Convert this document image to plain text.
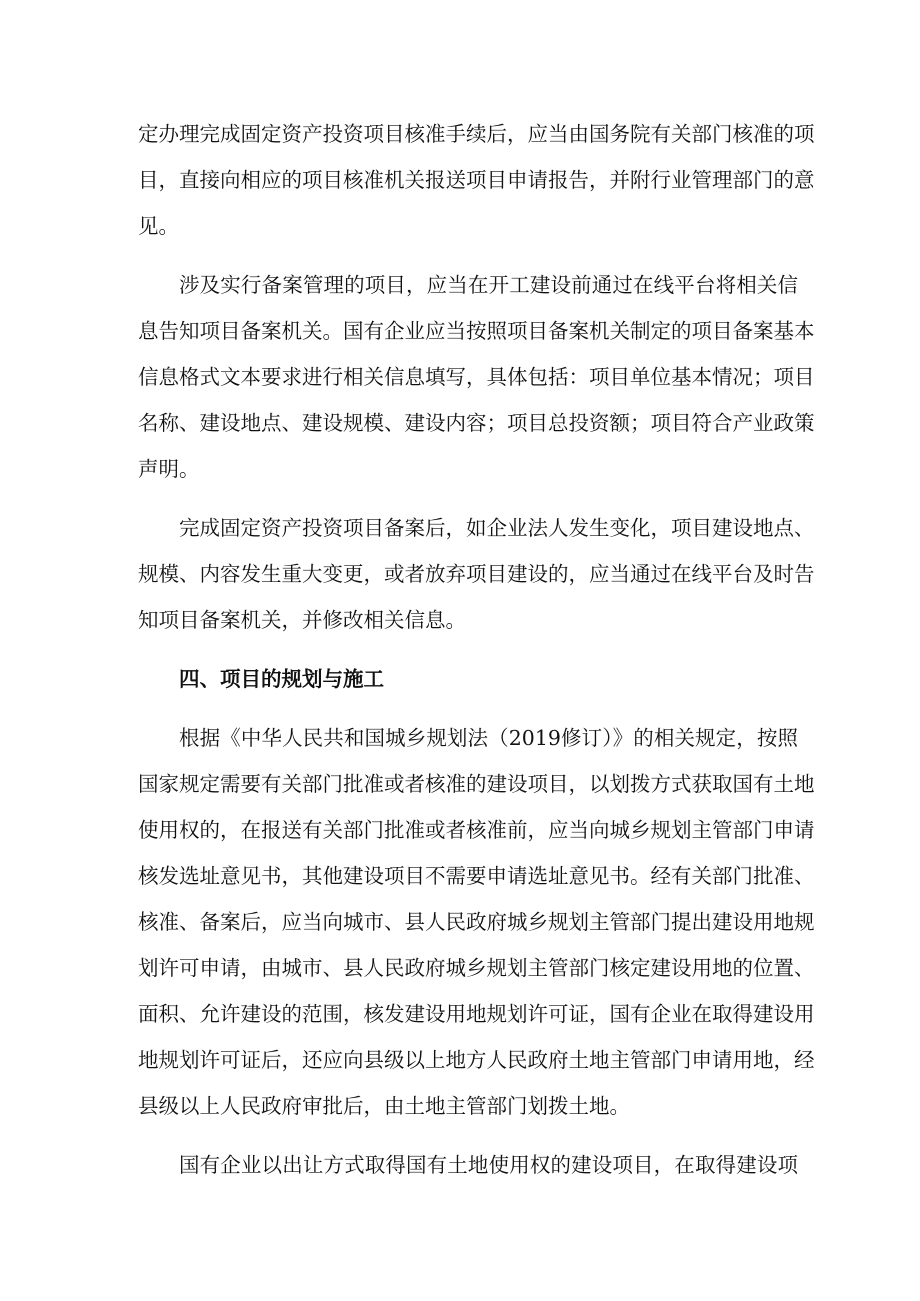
定办理完成固定资产投资项目核准手续后，应当由国务院有关部门核准的项
目，直接向相应的项目核准机关报送项目申请报告，并附行业管理部门的意
见。
涉及实行备案管理的项目，应当在开工建设前通过在线平台将相关信
息告知项目备案机关。国有企业应当按照项目备案机关制定的项目备案基本
信息格式文本要求进行相关信息填写，具体包括：项目单位基本情况；项目
名称、建设地点、建设规模、建设内容；项目总投资额；项目符合产业政策
声明。
完成固定资产投资项目备案后，如企业法人发生变化，项目建设地点、
规模、内容发生重大变更，或者放弃项目建设的，应当通过在线平台及时告
知项目备案机关，并修改相关信息。
四、项目的规划与施工
根据《中华人民共和国城乡规划法（2019修订）》的相关规定，按照
国家规定需要有关部门批准或者核准的建设项目，以划拨方式获取国有土地
使用权的，在报送有关部门批准或者核准前，应当向城乡规划主管部门申请
核发选址意见书，其他建设项目不需要申请选址意见书。经有关部门批准、
核准、备案后，应当向城市、县人民政府城乡规划主管部门提出建设用地规
划许可申请，由城市、县人民政府城乡规划主管部门核定建设用地的位置、
面积、允许建设的范围，核发建设用地规划许可证，国有企业在取得建设用
地规划许可证后，还应向县级以上地方人民政府土地主管部门申请用地，经
县级以上人民政府审批后，由土地主管部门划拨土地。
国有企业以出让方式取得国有土地使用权的建设项目，在取得建设项
